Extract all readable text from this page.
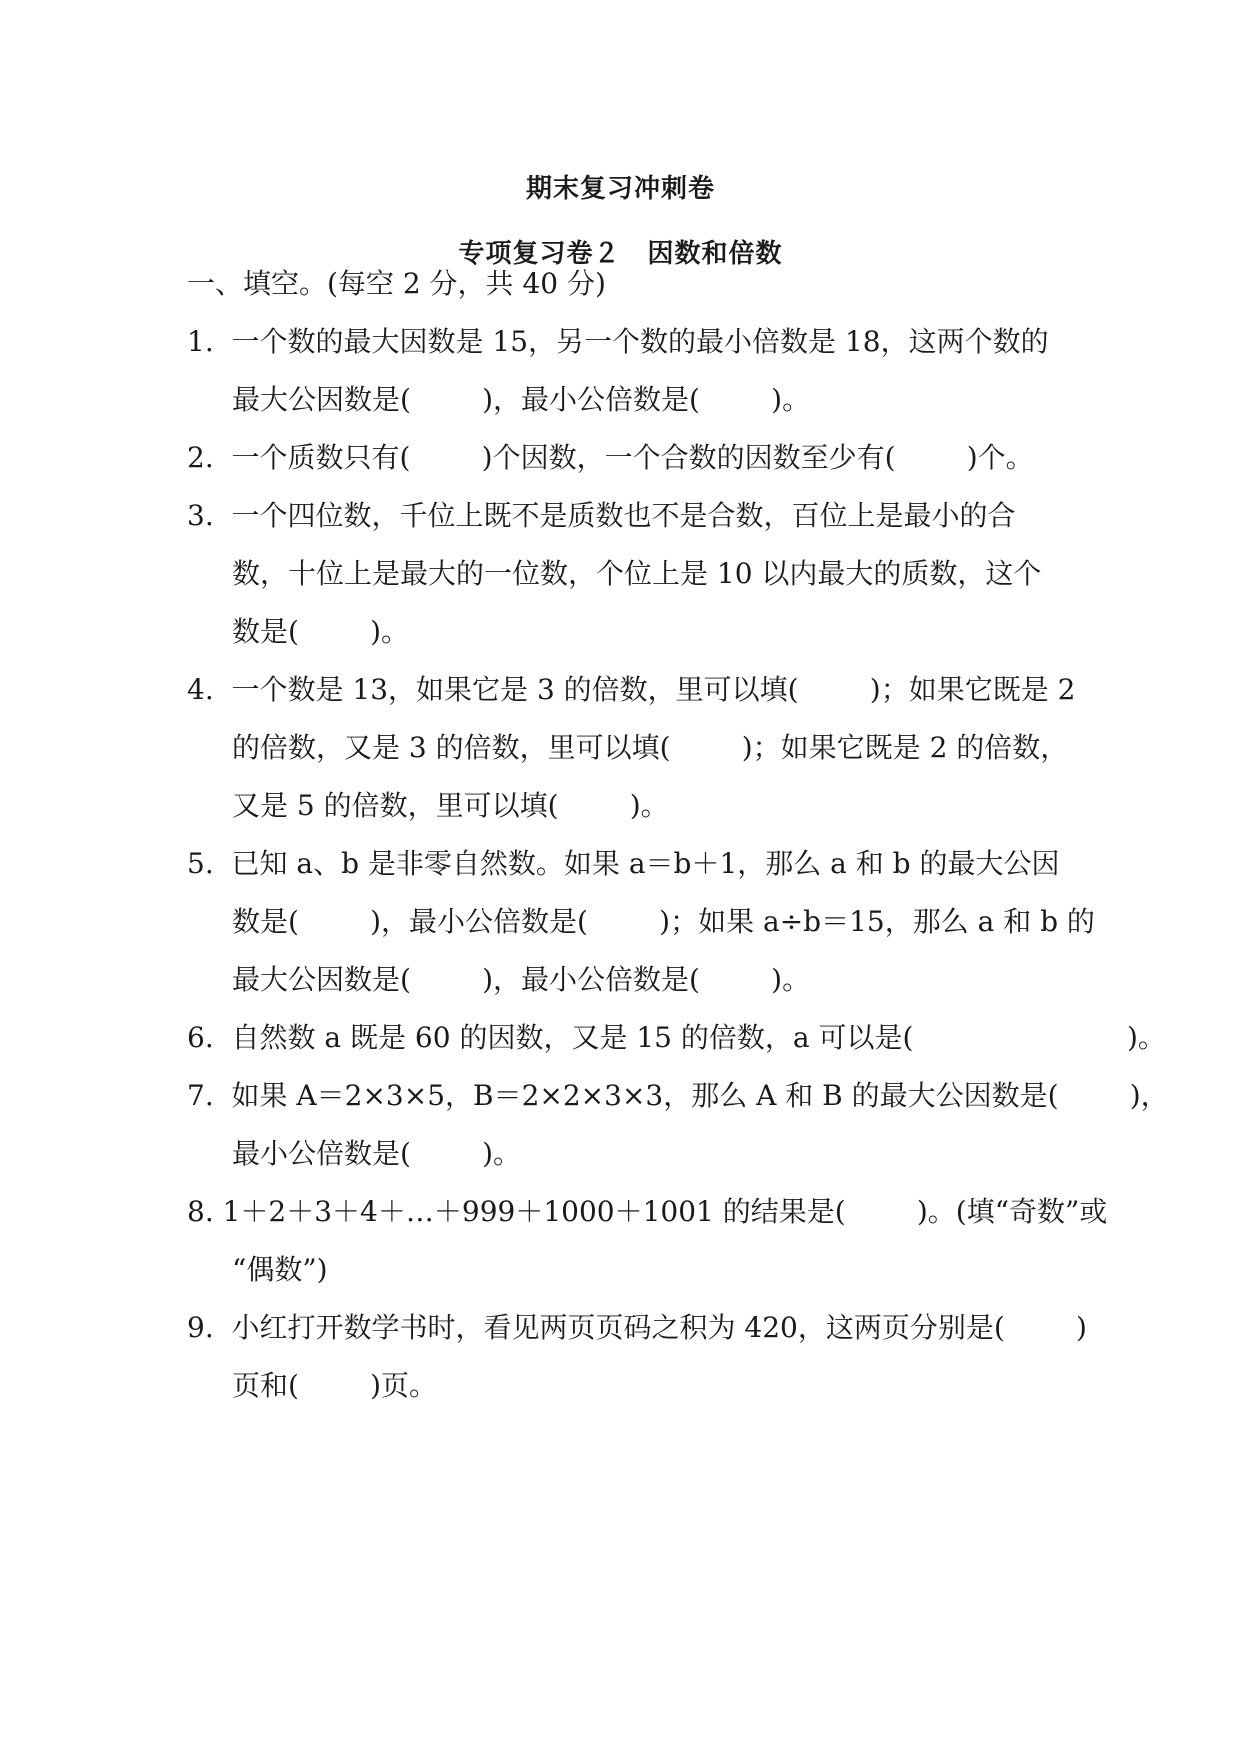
期末复习冲刺卷
专项复习卷２　因数和倍数
一、填空。(每空 2 分，共 40 分)
1.  一个数的最大因数是 15，另一个数的最小倍数是 18，这两个数的
最大公因数是(        )，最小公倍数是(        )。
2.  一个质数只有(        )个因数，一个合数的因数至少有(        )个。
3.  一个四位数，千位上既不是质数也不是合数，百位上是最小的合
数，十位上是最大的一位数，个位上是 10 以内最大的质数，这个
数是(        )。
4.  一个数是 13，如果它是 3 的倍数，里可以填(        )；如果它既是 2
的倍数，又是 3 的倍数，里可以填(        )；如果它既是 2 的倍数，
又是 5 的倍数，里可以填(        )。
5.  已知 a、b 是非零自然数。如果 a＝b＋1，那么 a 和 b 的最大公因
数是(        )，最小公倍数是(        )；如果 a÷b＝15，那么 a 和 b 的
最大公因数是(        )，最小公倍数是(        )。
6.  自然数 a 既是 60 的因数，又是 15 的倍数，a 可以是(                        )。
7.  如果 A＝2×3×5，B＝2×2×3×3，那么 A 和 B 的最大公因数是(        )，
最小公倍数是(        )。
8. 1＋2＋3＋4＋…＋999＋1000＋1001 的结果是(        )。(填“奇数”或
“偶数”)
9.  小红打开数学书时，看见两页页码之积为 420，这两页分别是(        )
页和(        )页。
